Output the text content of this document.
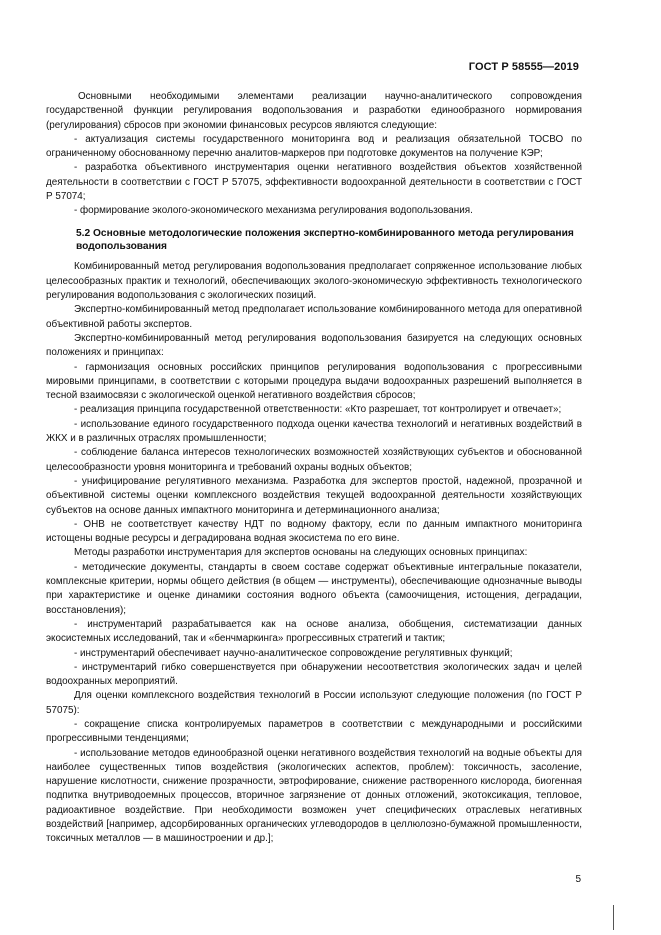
ГОСТ Р 58555—2019

Основными необходимыми элементами реализации научно-аналитического сопровождения государственной функции регулирования водопользования и разработки единообразного нормирования (регулирования) сбросов при экономии финансовых ресурсов являются следующие:

- актуализация системы государственного мониторинга вод и реализация обязательной ТОСВО по ограниченному обоснованному перечню аналитов-маркеров при подготовке документов на получение КЭР;

- разработка объективного инструментария оценки негативного воздействия объектов хозяйственной деятельности в соответствии с ГОСТ Р 57075, эффективности водоохранной деятельности в соответствии с ГОСТ Р 57074;

- формирование эколого-экономического механизма регулирования водопользования.

5.2 Основные методологические положения экспертно-комбинированного метода регулирования водопользования

Комбинированный метод регулирования водопользования предполагает сопряженное использование любых целесообразных практик и технологий, обеспечивающих эколого-экономическую эффективность технологического регулирования водопользования с экологических позиций.

Экспертно-комбинированный метод предполагает использование комбинированного метода для оперативной объективной работы экспертов.

Экспертно-комбинированный метод регулирования водопользования базируется на следующих основных положениях и принципах:

- гармонизация основных российских принципов регулирования водопользования с прогрессивными мировыми принципами, в соответствии с которыми процедура выдачи водоохранных разрешений выполняется в тесной взаимосвязи с экологической оценкой негативного воздействия сбросов;

- реализация принципа государственной ответственности: «Кто разрешает, тот контролирует и отвечает»;

- использование единого государственного подхода оценки качества технологий и негативных воздействий в ЖКХ и в различных отраслях промышленности;

- соблюдение баланса интересов технологических возможностей хозяйствующих субъектов и обоснованной целесообразности уровня мониторинга и требований охраны водных объектов;

- унифицирование регулятивного механизма. Разработка для экспертов простой, надежной, прозрачной и объективной системы оценки комплексного воздействия текущей водоохранной деятельности хозяйствующих субъектов на основе данных импактного мониторинга и детерминационного анализа;

- ОНВ не соответствует качеству НДТ по водному фактору, если по данным импактного мониторинга истощены водные ресурсы и деградирована водная экосистема по его вине.

Методы разработки инструментария для экспертов основаны на следующих основных принципах:

- методические документы, стандарты в своем составе содержат объективные интегральные показатели, комплексные критерии, нормы общего действия (в общем — инструменты), обеспечивающие однозначные выводы при характеристике и оценке динамики состояния водного объекта (самоочищения, истощения, деградации, восстановления);

- инструментарий разрабатывается как на основе анализа, обобщения, систематизации данных экосистемных исследований, так и «бенчмаркинга» прогрессивных стратегий и тактик;

- инструментарий обеспечивает научно-аналитическое сопровождение регулятивных функций;

- инструментарий гибко совершенствуется при обнаружении несоответствия экологических задач и целей водоохранных мероприятий.

Для оценки комплексного воздействия технологий в России используют следующие положения (по ГОСТ Р 57075):

- сокращение списка контролируемых параметров в соответствии с международными и российскими прогрессивными тенденциями;

- использование методов единообразной оценки негативного воздействия технологий на водные объекты для наиболее существенных типов воздействия (экологических аспектов, проблем): токсичность, засоление, нарушение кислотности, снижение прозрачности, эвтрофирование, снижение растворенного кислорода, биогенная подпитка внутриводоемных процессов, вторичное загрязнение от донных отложений, экотоксикация, тепловое, радиоактивное воздействие. При необходимости возможен учет специфических отраслевых негативных воздействий [например, адсорбированных органических углеводородов в целлюлозно-бумажной промышленности, токсичных металлов — в машиностроении и др.];

5
